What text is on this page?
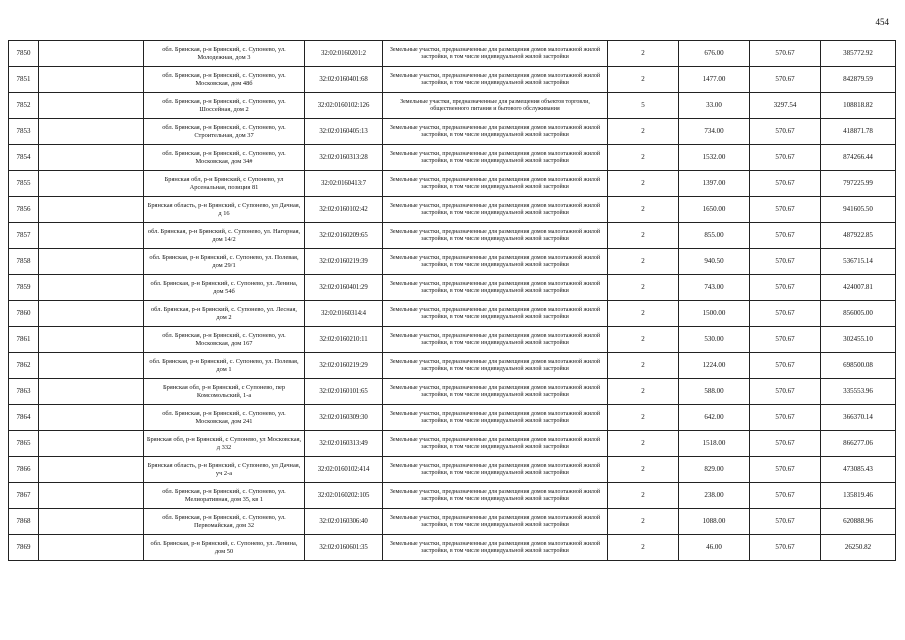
454
7850		обл. Брянская, р-н Брянский, с. Супонево, ул. Молодежная, дом 3	32:02:0160201:2	Земельные участки, предназначенные для размещения домов малоэтажной жилой застройки, в том числе индивидуальной жилой застройки	2	676.00	570.67	385772.92
7851		обл. Брянская, р-н Брянский, с. Супонево, ул. Московская, дом 48б	32:02:0160401:68	Земельные участки, предназначенные для размещения домов малоэтажной жилой застройки, в том числе индивидуальной жилой застройки	2	1477.00	570.67	842879.59
7852		обл. Брянская, р-н Брянский, с. Супонево, ул. Шоссейная, дом 2	32:02:0160102:126	Земельные участки, предназначенные для размещения объектов торговли, общественного питания и бытового обслуживания	5	33.00	3297.54	108818.82
7853		обл. Брянская, р-н Брянский, с. Супонево, ул. Строительная, дом 37	32:02:0160405:13	Земельные участки, предназначенные для размещения домов малоэтажной жилой застройки, в том числе индивидуальной жилой застройки	2	734.00	570.67	418871.78
7854		обл. Брянская, р-н Брянский, с. Супонево, ул. Московская, дом 34#	32:02:0160313:28	Земельные участки, предназначенные для размещения домов малоэтажной жилой застройки, в том числе индивидуальной жилой застройки	2	1532.00	570.67	874266.44
7855		Брянская обл, р-н Брянский, с Супонево, ул Арсенальная, позиция 81	32:02:0160413:7	Земельные участки, предназначенные для размещения домов малоэтажной жилой застройки, в том числе индивидуальной жилой застройки	2	1397.00	570.67	797225.99
7856		Брянская область, р-н Брянский, с Супонево, ул Дачная, д 16	32:02:0160102:42	Земельные участки, предназначенные для размещения домов малоэтажной жилой застройки, в том числе индивидуальной жилой застройки	2	1650.00	570.67	941605.50
7857		обл. Брянская, р-н Брянский, с. Супонево, ул. Нагорная, дом 14/2	32:02:0160209:65	Земельные участки, предназначенные для размещения домов малоэтажной жилой застройки, в том числе индивидуальной жилой застройки	2	855.00	570.67	487922.85
7858		обл. Брянская, р-н Брянский, с. Супонево, ул. Полевая, дом 29/1	32:02:0160219:39	Земельные участки, предназначенные для размещения домов малоэтажной жилой застройки, в том числе индивидуальной жилой застройки	2	940.50	570.67	536715.14
7859		обл. Брянская, р-н Брянский, с. Супонево, ул. Ленина, дом 54б	32:02:0160401:29	Земельные участки, предназначенные для размещения домов малоэтажной жилой застройки, в том числе индивидуальной жилой застройки	2	743.00	570.67	424007.81
7860		обл. Брянская, р-н Брянский, с. Супонево, ул. Лесная, дом 2	32:02:0160314:4	Земельные участки, предназначенные для размещения домов малоэтажной жилой застройки, в том числе индивидуальной жилой застройки	2	1500.00	570.67	856005.00
7861		обл. Брянская, р-н Брянский, с. Супонево, ул. Московская, дом 167	32:02:0160210:11	Земельные участки, предназначенные для размещения домов малоэтажной жилой застройки, в том числе индивидуальной жилой застройки	2	530.00	570.67	302455.10
7862		обл. Брянская, р-н Брянский, с. Супонево, ул. Полевая, дом 1	32:02:0160219:29	Земельные участки, предназначенные для размещения домов малоэтажной жилой застройки, в том числе индивидуальной жилой застройки	2	1224.00	570.67	698500.08
7863		Брянская обл, р-н Брянский, с Супонево, пер Комсомольский, 1-а	32:02:0160101:65	Земельные участки, предназначенные для размещения домов малоэтажной жилой застройки, в том числе индивидуальной жилой застройки	2	588.00	570.67	335553.96
7864		обл. Брянская, р-н Брянский, с. Супонево, ул. Московская, дом 241	32:02:0160309:30	Земельные участки, предназначенные для размещения домов малоэтажной жилой застройки, в том числе индивидуальной жилой застройки	2	642.00	570.67	366370.14
7865		Брянская обл, р-н Брянский, с Супонево, ул Московская, д 332	32:02:0160313:49	Земельные участки, предназначенные для размещения домов малоэтажной жилой застройки, в том числе индивидуальной жилой застройки	2	1518.00	570.67	866277.06
7866		Брянская область, р-н Брянский, с Супонево, ул Дачная, уч 2-а	32:02:0160102:414	Земельные участки, предназначенные для размещения домов малоэтажной жилой застройки, в том числе индивидуальной жилой застройки	2	829.00	570.67	473085.43
7867		обл. Брянская, р-н Брянский, с. Супонево, ул. Мелиоративная, дом 35, кв 1	32:02:0160202:105	Земельные участки, предназначенные для размещения домов малоэтажной жилой застройки, в том числе индивидуальной жилой застройки	2	238.00	570.67	135819.46
7868		обл. Брянская, р-н Брянский, с. Супонево, ул. Первомайская, дом 32	32:02:0160306:40	Земельные участки, предназначенные для размещения домов малоэтажной жилой застройки, в том числе индивидуальной жилой застройки	2	1088.00	570.67	620888.96
7869		обл. Брянская, р-н Брянский, с. Супонево, ул. Ленина, дом 50	32:02:0160601:35	Земельные участки, предназначенные для размещения домов малоэтажной жилой застройки, в том числе индивидуальной жилой застройки	2	46.00	570.67	26250.82
